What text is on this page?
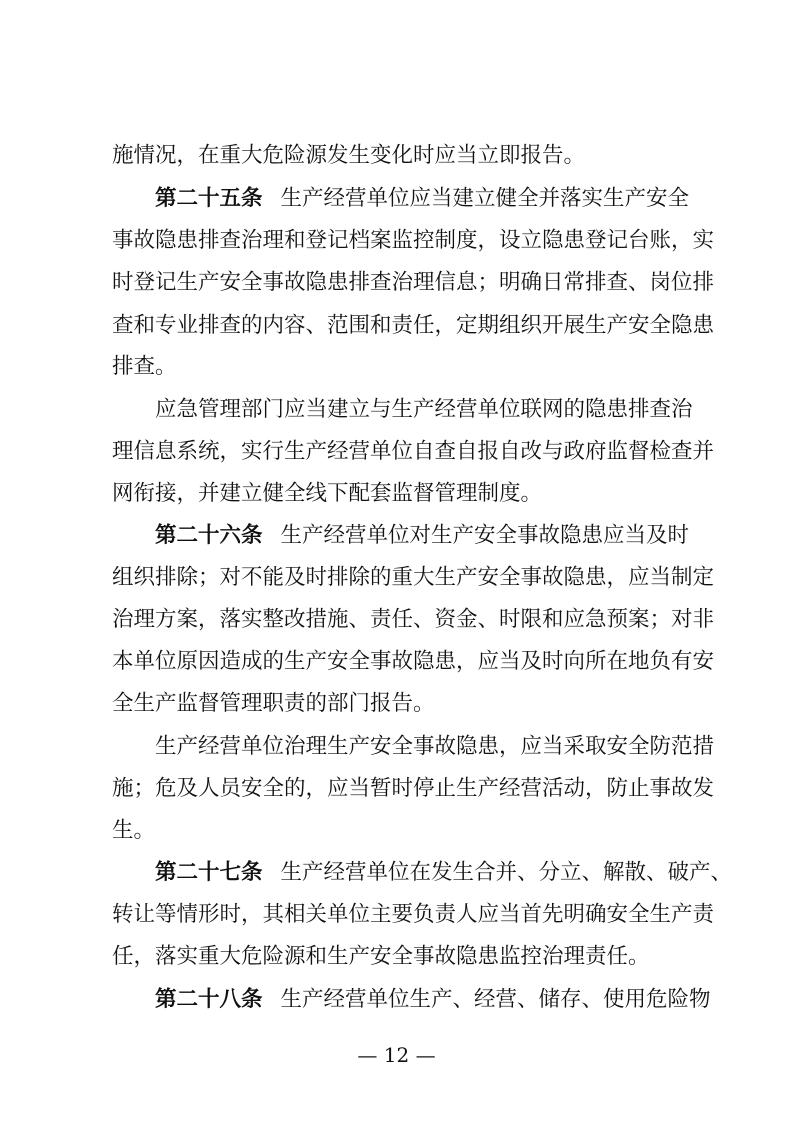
施情况，在重大危险源发生变化时应当立即报告。
第二十五条 生产经营单位应当建立健全并落实生产安全
事故隐患排查治理和登记档案监控制度，设立隐患登记台账，实
时登记生产安全事故隐患排查治理信息；明确日常排查、岗位排
查和专业排查的内容、范围和责任，定期组织开展生产安全隐患
排查。
应急管理部门应当建立与生产经营单位联网的隐患排查治
理信息系统，实行生产经营单位自查自报自改与政府监督检查并
网衔接，并建立健全线下配套监督管理制度。
第二十六条 生产经营单位对生产安全事故隐患应当及时
组织排除；对不能及时排除的重大生产安全事故隐患，应当制定
治理方案，落实整改措施、责任、资金、时限和应急预案；对非
本单位原因造成的生产安全事故隐患，应当及时向所在地负有安
全生产监督管理职责的部门报告。
生产经营单位治理生产安全事故隐患，应当采取安全防范措
施；危及人员安全的，应当暂时停止生产经营活动，防止事故发
生。
第二十七条 生产经营单位在发生合并、分立、解散、破产、
转让等情形时，其相关单位主要负责人应当首先明确安全生产责
任，落实重大危险源和生产安全事故隐患监控治理责任。
第二十八条 生产经营单位生产、经营、储存、使用危险物
— 12 —
